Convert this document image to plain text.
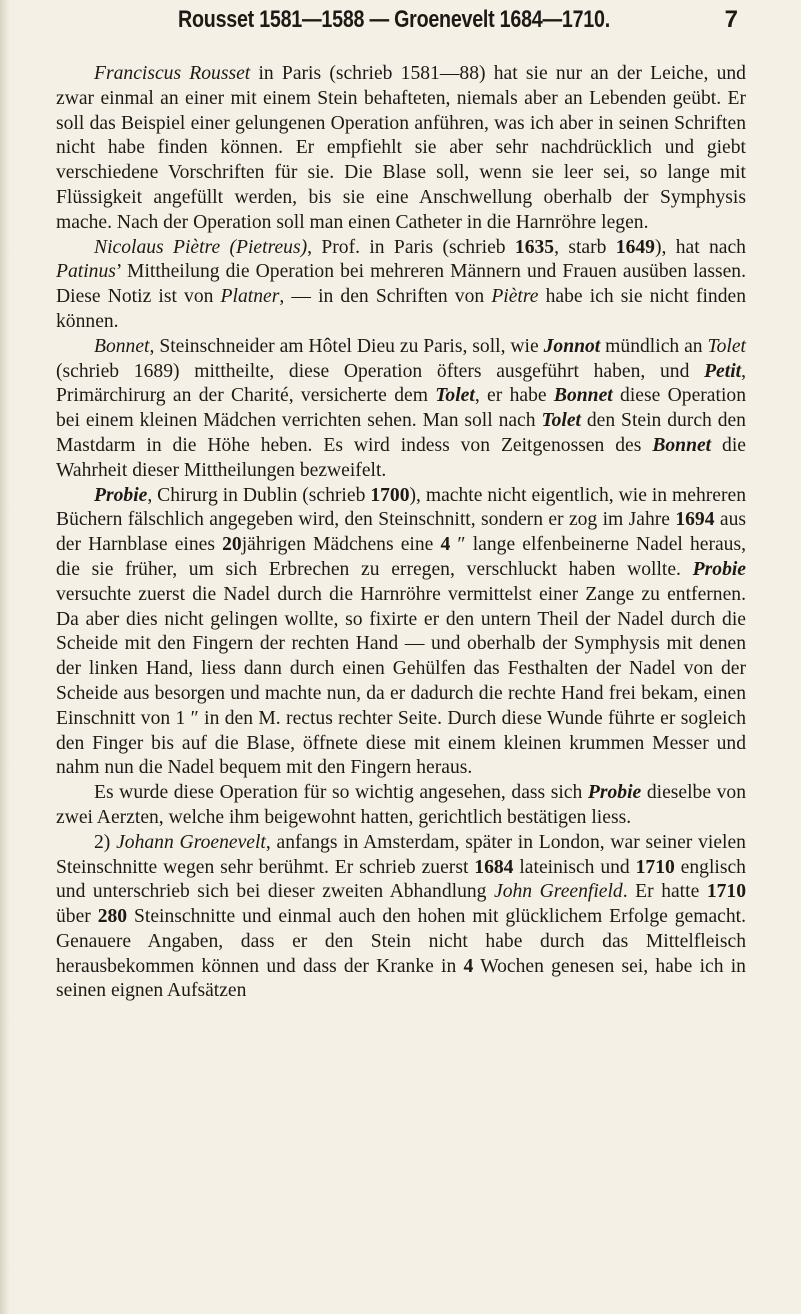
Rousset 1581—1588 — Groenevelt 1684—1710.	7

Franciscus Rousset in Paris (schrieb 1581—88) hat sie nur an der Leiche, und zwar einmal an einer mit einem Stein behafteten, niemals aber an Lebenden geübt. Er soll das Beispiel einer gelungenen Operation anführen, was ich aber in seinen Schriften nicht habe finden können. Er empfiehlt sie aber sehr nachdrücklich und giebt verschiedene Vorschriften für sie. Die Blase soll, wenn sie leer sei, so lange mit Flüssigkeit angefüllt werden, bis sie eine Anschwellung oberhalb der Symphysis mache. Nach der Operation soll man einen Catheter in die Harnröhre legen.

Nicolaus Piètre (Pietreus), Prof. in Paris (schrieb 1635, starb 1649), hat nach Patinus’ Mittheilung die Operation bei mehreren Männern und Frauen ausüben lassen. Diese Notiz ist von Platner, — in den Schriften von Piètre habe ich sie nicht finden können.

Bonnet, Steinschneider am Hôtel Dieu zu Paris, soll, wie Jonnot mündlich an Tolet (schrieb 1689) mittheilte, diese Operation öfters ausgeführt haben, und Petit, Primärchirurg an der Charité, versicherte dem Tolet, er habe Bonnet diese Operation bei einem kleinen Mädchen verrichten sehen. Man soll nach Tolet den Stein durch den Mastdarm in die Höhe heben. Es wird indess von Zeitgenossen des Bonnet die Wahrheit dieser Mittheilungen bezweifelt.

Probie, Chirurg in Dublin (schrieb 1700), machte nicht eigentlich, wie in mehreren Büchern fälschlich angegeben wird, den Steinschnitt, sondern er zog im Jahre 1694 aus der Harnblase eines 20jährigen Mädchens eine 4 ″ lange elfenbeinerne Nadel heraus, die sie früher, um sich Erbrechen zu erregen, verschluckt haben wollte. Probie versuchte zuerst die Nadel durch die Harnröhre vermittelst einer Zange zu entfernen. Da aber dies nicht gelingen wollte, so fixirte er den untern Theil der Nadel durch die Scheide mit den Fingern der rechten Hand — und oberhalb der Symphysis mit denen der linken Hand, liess dann durch einen Gehülfen das Festhalten der Nadel von der Scheide aus besorgen und machte nun, da er dadurch die rechte Hand frei bekam, einen Einschnitt von 1 ″ in den M. rectus rechter Seite. Durch diese Wunde führte er sogleich den Finger bis auf die Blase, öffnete diese mit einem kleinen krummen Messer und nahm nun die Nadel bequem mit den Fingern heraus.

Es wurde diese Operation für so wichtig angesehen, dass sich Probie dieselbe von zwei Aerzten, welche ihm beigewohnt hatten, gerichtlich bestätigen liess.

2) Johann Groenevelt, anfangs in Amsterdam, später in London, war seiner vielen Steinschnitte wegen sehr berühmt. Er schrieb zuerst 1684 lateinisch und 1710 englisch und unterschrieb sich bei dieser zweiten Abhandlung John Greenfield. Er hatte 1710 über 280 Steinschnitte und einmal auch den hohen mit glücklichem Erfolge gemacht. Genauere Angaben, dass er den Stein nicht habe durch das Mittelfleisch herausbekommen können und dass der Kranke in 4 Wochen genesen sei, habe ich in seinen eignen Aufsätzen
